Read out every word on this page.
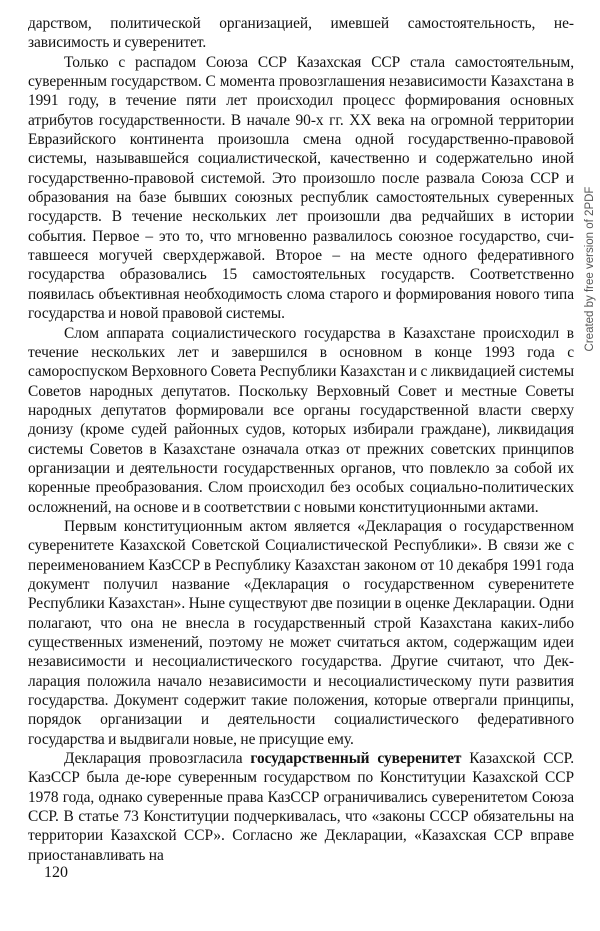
Created by free version of 2PDF

дарством, политической организацией, имевшей самостоятельность, независимость и суверенитет.

Только с распадом Союза ССР Казахская ССР стала самостоятельным, суверенным государством. С момента провозглашения независимости Казахстана в 1991 году, в течение пяти лет происходил процесс формирования основных атрибутов государственности. В начале 90-х гг. XX века на огромной территории Евразийского континента произошла смена одной государственно-правовой системы, называвшейся социалистической, качественно и содержательно иной государственно-правовой системой. Это произошло после развала Союза ССР и образования на базе бывших союзных республик самостоятельных суверенных государств. В течение нескольких лет произошли два редчайших в истории события. Первое – это то, что мгновенно развалилось союзное государство, считавшееся могучей сверхдержавой. Второе – на месте одного федеративного государства образовались 15 самостоятельных государств. Соответственно появилась объективная необходимость слома старого и формирования нового типа государства и новой правовой системы.

Слом аппарата социалистического государства в Казахстане происходил в течение нескольких лет и завершился в основном в конце 1993 года с самороспуском Верховного Совета Республики Казахстан и с ликвидацией системы Советов народных депутатов. Поскольку Верховный Совет и местные Советы народных депутатов формировали все органы государственной власти сверху донизу (кроме судей районных судов, которых избирали граждане), ликвидация системы Советов в Казахстане означала отказ от прежних советских принципов организации и деятельности государственных органов, что повлекло за собой их коренные преобразования. Слом происходил без особых социально-политических осложнений, на основе и в соответствии с новыми конституционными актами.

Первым конституционным актом является «Декларация о государственном суверенитете Казахской Советской Социалистической Республики». В связи же с переименованием КазССР в Республику Казахстан законом от 10 декабря 1991 года документ получил название «Декларация о государственном суверенитете Республики Казахстан». Ныне существуют две позиции в оценке Декларации. Одни полагают, что она не внесла в государственный строй Казахстана каких-либо существенных изменений, поэтому не может считаться актом, содержащим идеи независимости и несоциалистического государства. Другие считают, что Декларация положила начало независимости и несоциалистическому пути развития государства. Документ содержит такие положения, которые отвергали принципы, порядок организации и деятельности социалистического федеративного государства и выдвигали новые, не присущие ему.

Декларация провозгласила государственный суверенитет Казахской ССР. КазССР была де-юре суверенным государством по Конституции Казахской ССР 1978 года, однако суверенные права КазССР ограничивались суверенитетом Союза ССР. В статье 73 Конституции подчеркивалась, что «законы СССР обязательны на территории Казахской ССР». Согласно же Декларации, «Казахская ССР вправе приостанавливать на

120
